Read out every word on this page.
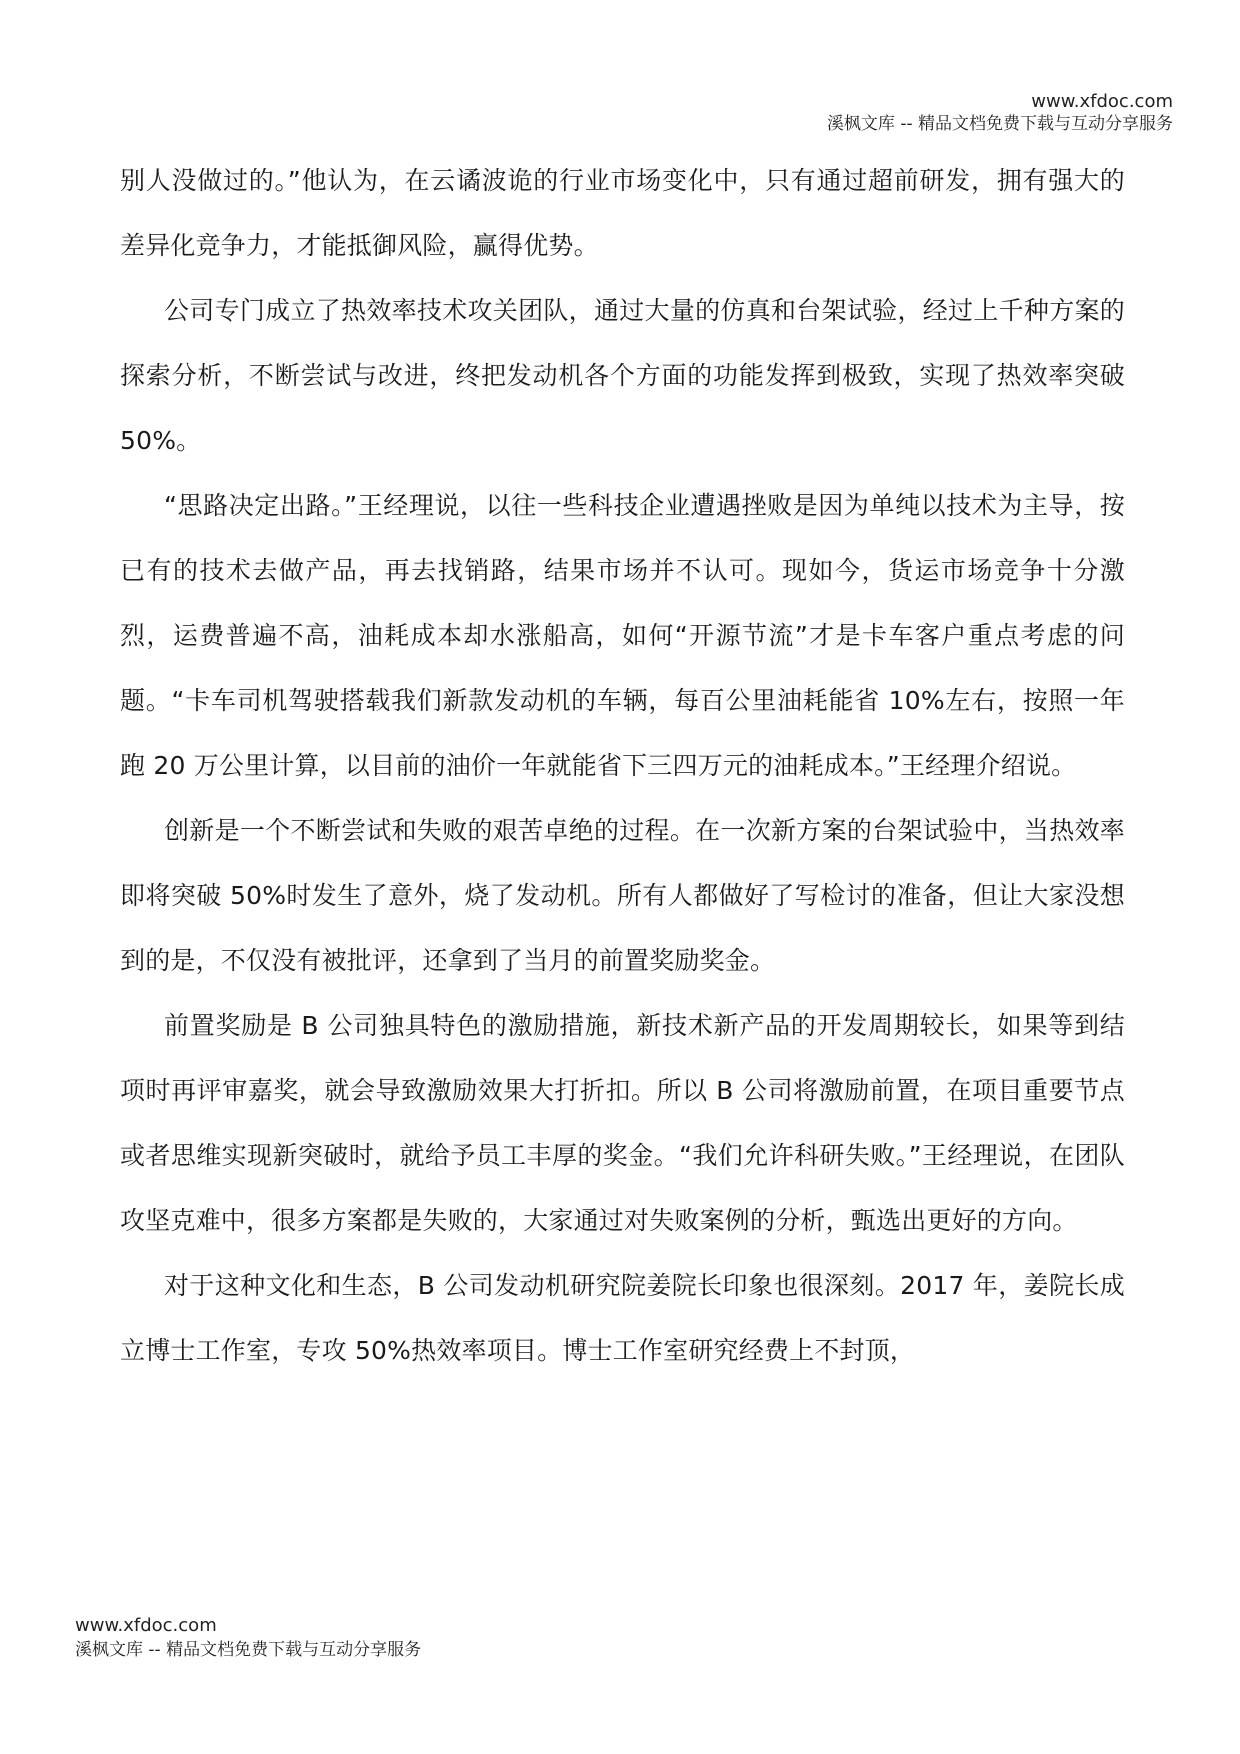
www.xfdoc.com
溪枫文库 -- 精品文档免费下载与互动分享服务

别人没做过的。”他认为，在云谲波诡的行业市场变化中，只有通过超前研发，拥有强大的差异化竞争力，才能抵御风险，赢得优势。

公司专门成立了热效率技术攻关团队，通过大量的仿真和台架试验，经过上千种方案的探索分析，不断尝试与改进，终把发动机各个方面的功能发挥到极致，实现了热效率突破 50%。

“思路决定出路。”王经理说，以往一些科技企业遭遇挫败是因为单纯以技术为主导，按已有的技术去做产品，再去找销路，结果市场并不认可。现如今，货运市场竞争十分激烈，运费普遍不高，油耗成本却水涨船高，如何“开源节流”才是卡车客户重点考虑的问题。“卡车司机驾驶搭载我们新款发动机的车辆，每百公里油耗能省 10%左右，按照一年跑 20 万公里计算，以目前的油价一年就能省下三四万元的油耗成本。”王经理介绍说。

创新是一个不断尝试和失败的艰苦卓绝的过程。在一次新方案的台架试验中，当热效率即将突破 50%时发生了意外，烧了发动机。所有人都做好了写检讨的准备，但让大家没想到的是，不仅没有被批评，还拿到了当月的前置奖励奖金。

前置奖励是 B 公司独具特色的激励措施，新技术新产品的开发周期较长，如果等到结项时再评审嘉奖，就会导致激励效果大打折扣。所以 B 公司将激励前置，在项目重要节点或者思维实现新突破时，就给予员工丰厚的奖金。“我们允许科研失败。”王经理说，在团队攻坚克难中，很多方案都是失败的，大家通过对失败案例的分析，甄选出更好的方向。

对于这种文化和生态，B 公司发动机研究院姜院长印象也很深刻。2017 年，姜院长成立博士工作室，专攻 50%热效率项目。博士工作室研究经费上不封顶，

www.xfdoc.com
溪枫文库 -- 精品文档免费下载与互动分享服务
